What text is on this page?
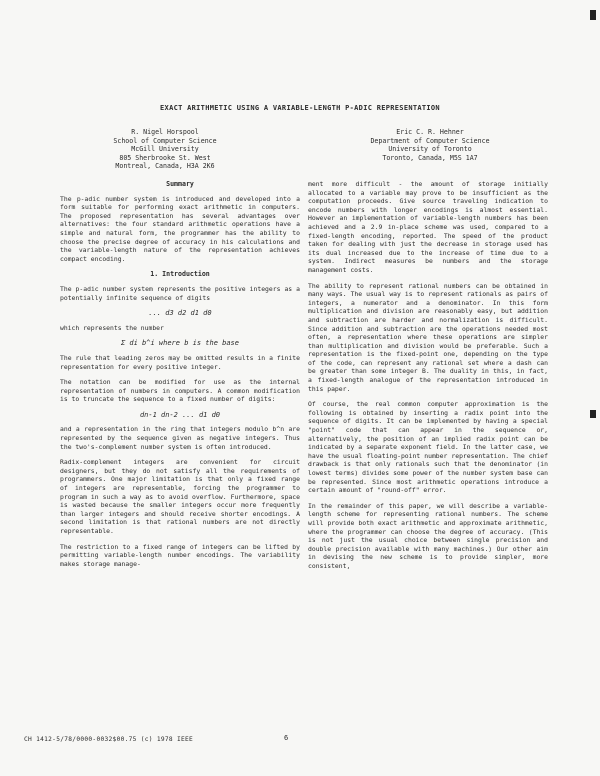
EXACT ARITHMETIC USING A VARIABLE-LENGTH P-ADIC REPRESENTATION
R. Nigel Horspool
School of Computer Science
McGill University
805 Sherbrooke St. West
Montreal, Canada, H3A 2K6
Eric C. R. Hehner
Department of Computer Science
University of Toronto
Toronto, Canada, M5S 1A7
Summary
The p-adic number system is introduced and developed into a form suitable for performing exact arithmetic in computers. The proposed representation has several advantages over alternatives: the four standard arithmetic operations have a simple and natural form, the programmer has the ability to choose the precise degree of accuracy in his calculations and the variable-length nature of the representation achieves compact encoding.
1. Introduction
The p-adic number system represents the positive integers as a potentially infinite sequence of digits
... d3 d2 d1 d0
which represents the number
Σ di b^i where b is the base
The rule that leading zeros may be omitted results in a finite representation for every positive integer.
The notation can be modified for use as the internal representation of numbers in computers. A common modification is to truncate the sequence to a fixed number of digits:
dn-1 dn-2 ... d1 d0
and a representation in the ring that integers modulo b^n are represented by the sequence given as negative integers. Thus the two's-complement number system is often introduced.
Radix-complement integers are convenient for circuit designers, but they do not satisfy all the requirements of programmers. One major limitation is that only a fixed range of integers are representable, forcing the programmer to program in such a way as to avoid overflow. Furthermore, space is wasted because the smaller integers occur more frequently than larger integers and should receive shorter encodings. A second limitation is that rational numbers are not directly representable.
The restriction to a fixed range of integers can be lifted by permitting variable-length number encodings. The variability makes storage manage-
ment more difficult - the amount of storage initially allocated to a variable may prove to be insufficient as the computation proceeds. Give source traveling indication to encode numbers with longer encodings is almost essential. However an implementation of variable-length numbers has been achieved and a 2.9 in-place scheme was used, compared to a fixed-length encoding, reported. The speed of the product taken for dealing with just the decrease in storage used has its dual increased due to the increase of time due to a system. Indirect measures be numbers and the storage management costs.
The ability to represent rational numbers can be obtained in many ways. The usual way is to represent rationals as pairs of integers, a numerator and a denominator. In this form multiplication and division are reasonably easy, but addition and subtraction are harder and normalization is difficult. Since addition and subtraction are the operations needed most often, a representation where these operations are simpler than multiplication and division would be preferable. Such a representation is the fixed-point one, depending on the type of the code, can represent any rational set where a dash can be greater than some integer B. The duality in this, in fact, a fixed-length analogue of the representation introduced in this paper.
Of course, the real common computer approximation is the following is obtained by inserting a radix point into the sequence of digits. It can be implemented by having a special "point" code that can appear in the sequence or, alternatively, the position of an implied radix point can be indicated by a separate exponent field. In the latter case, we have the usual floating-point number representation. The chief drawback is that only rationals such that the denominator (in lowest terms) divides some power of the number system base can be represented. Since most arithmetic operations introduce a certain amount of "round-off" error.
In the remainder of this paper, we will describe a variable-length scheme for representing rational numbers. The scheme will provide both exact arithmetic and approximate arithmetic, where the programmer can choose the degree of accuracy. (This is not just the usual choice between single precision and double precision available with many machines.) Our other aim in devising the new scheme is to provide simpler, more consistent,
CH 1412-5/78/0000-0032$00.75 (c) 1978 IEEE	6
